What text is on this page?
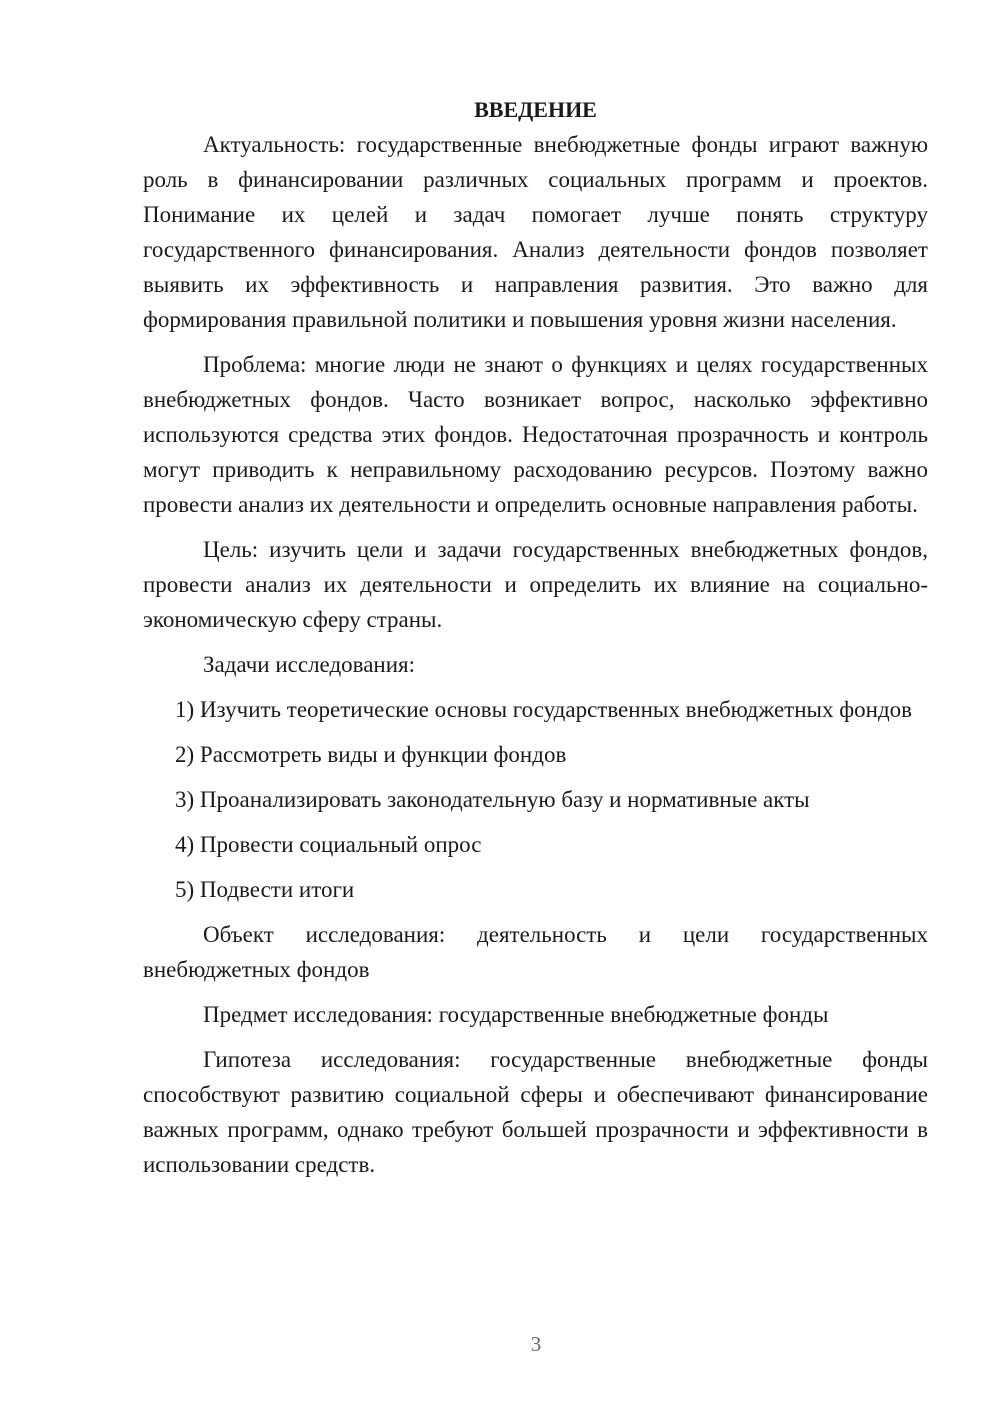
ВВЕДЕНИЕ

Актуальность: государственные внебюджетные фонды играют важную роль в финансировании различных социальных программ и проектов. Понимание их целей и задач помогает лучше понять структуру государственного финансирования. Анализ деятельности фондов позволяет выявить их эффективность и направления развития. Это важно для формирования правильной политики и повышения уровня жизни населения.

Проблема: многие люди не знают о функциях и целях государственных внебюджетных фондов. Часто возникает вопрос, насколько эффективно используются средства этих фондов. Недостаточная прозрачность и контроль могут приводить к неправильному расходованию ресурсов. Поэтому важно провести анализ их деятельности и определить основные направления работы.

Цель: изучить цели и задачи государственных внебюджетных фондов, провести анализ их деятельности и определить их влияние на социально-экономическую сферу страны.

Задачи исследования:

1) Изучить теоретические основы государственных внебюджетных фондов

2) Рассмотреть виды и функции фондов

3) Проанализировать законодательную базу и нормативные акты

4) Провести социальный опрос

5) Подвести итоги

Объект исследования: деятельность и цели государственных внебюджетных фондов

Предмет исследования: государственные внебюджетные фонды

Гипотеза исследования: государственные внебюджетные фонды способствуют развитию социальной сферы и обеспечивают финансирование важных программ, однако требуют большей прозрачности и эффективности в использовании средств.

3
